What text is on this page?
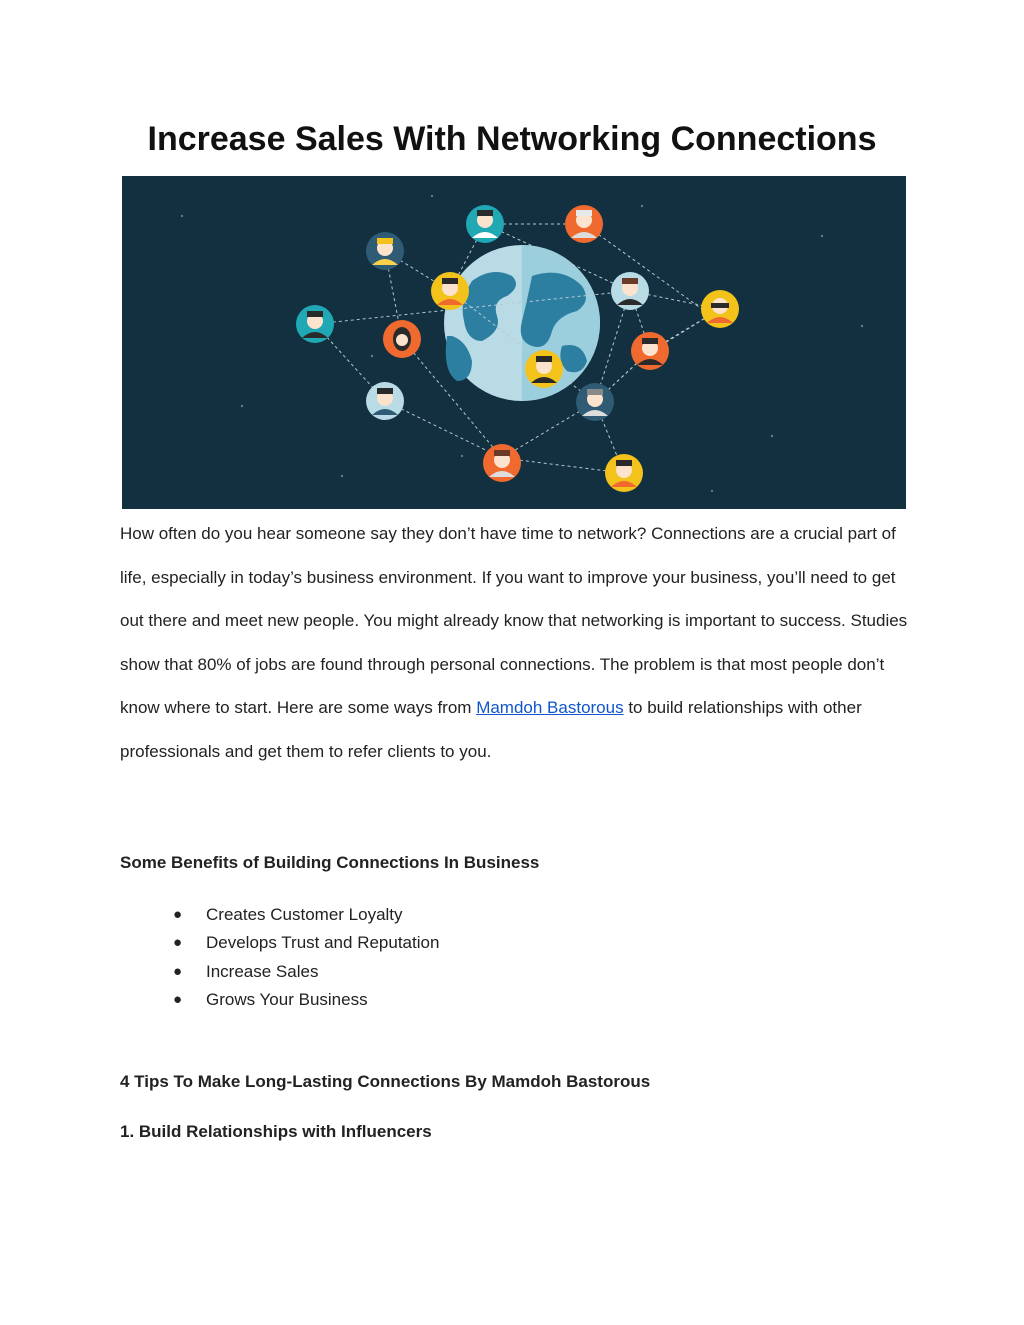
Increase Sales With Networking Connections

How often do you hear someone say they don’t have time to network? Connections are a crucial part of life, especially in today’s business environment. If you want to improve your business, you’ll need to get out there and meet new people. You might already know that networking is important to success. Studies show that 80% of jobs are found through personal connections. The problem is that most people don’t know where to start. Here are some ways from Mamdoh Bastorous to build relationships with other professionals and get them to refer clients to you.

Some Benefits of Building Connections In Business
● Creates Customer Loyalty
● Develops Trust and Reputation
● Increase Sales
● Grows Your Business
4 Tips To Make Long-Lasting Connections By Mamdoh Bastorous
1. Build Relationships with Influencers
